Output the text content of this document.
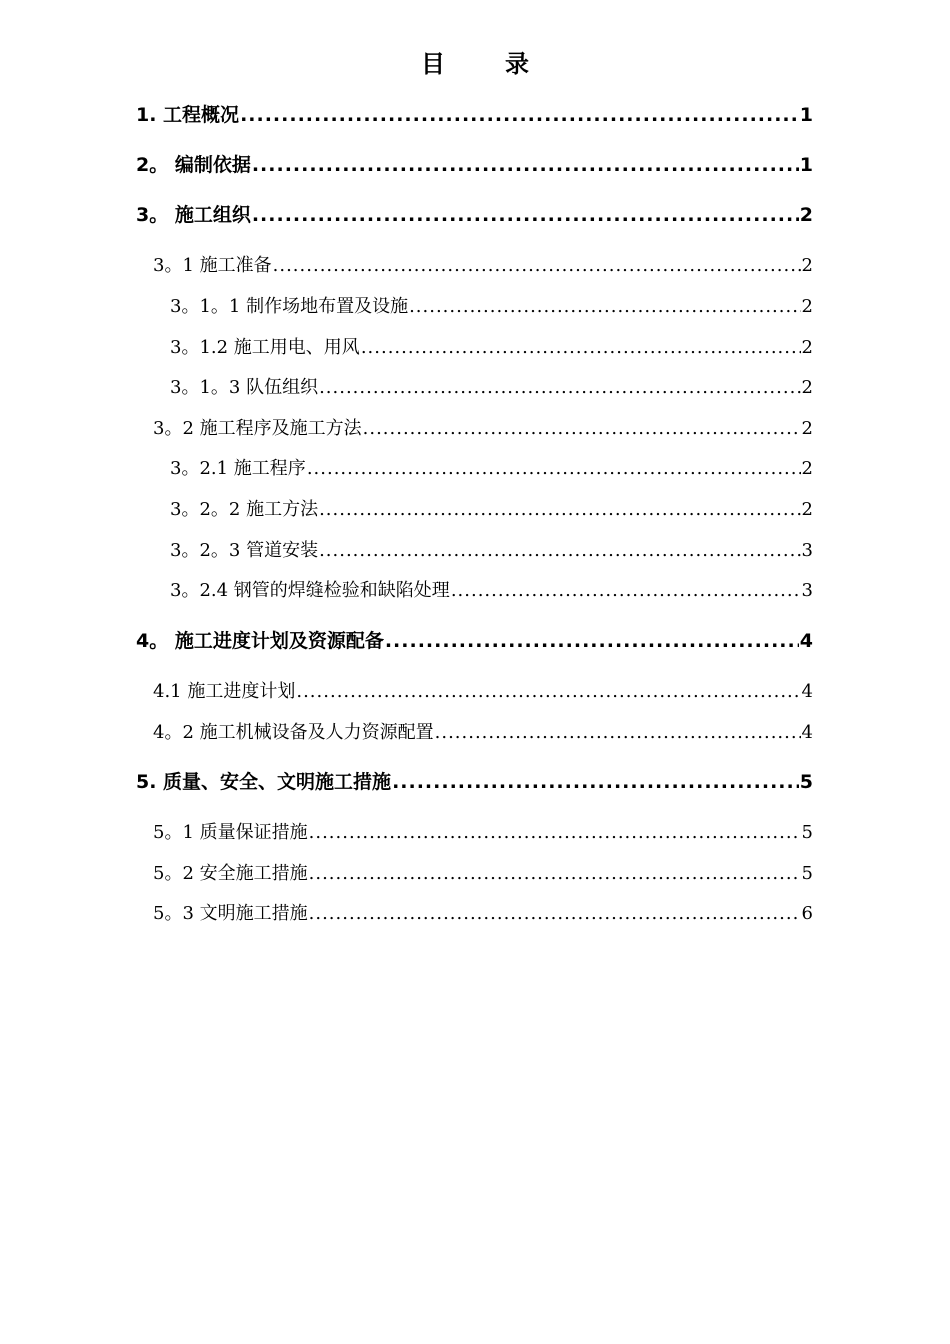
目　录
1. 工程概况 .....	1
2。 编制依据 .....	1
3。 施工组织 .....	2
3。1 施工准备 .....	2
3。1。1 制作场地布置及设施 .....	2
3。1.2 施工用电、用风 .....	2
3。1。3 队伍组织 .....	2
3。2 施工程序及施工方法 .....	2
3。2.1 施工程序 .....	2
3。2。2 施工方法 .....	2
3。2。3 管道安装 .....	3
3。2.4 钢管的焊缝检验和缺陷处理 .....	3
4。 施工进度计划及资源配备 .....	4
4.1 施工进度计划 .....	4
4。2 施工机械设备及人力资源配置 .....	4
5. 质量、安全、文明施工措施 .....	5
5。1 质量保证措施 .....	5
5。2 安全施工措施 .....	5
5。3 文明施工措施 .....	6
